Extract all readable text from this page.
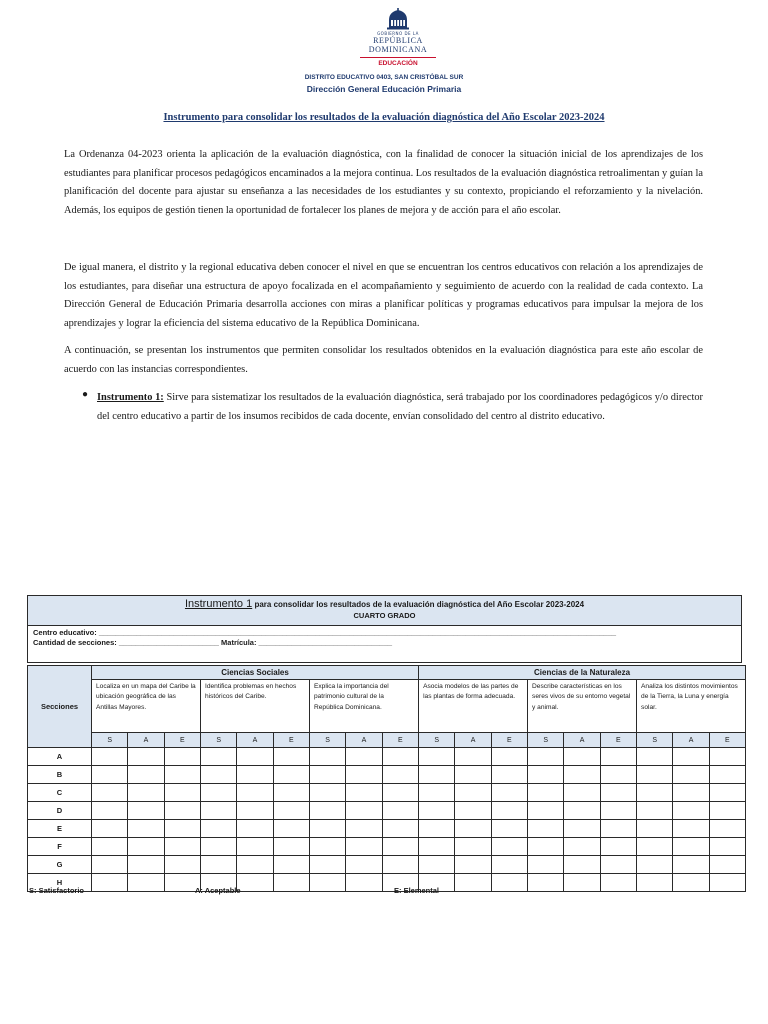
GOBIERNO DE LA
REPÚBLICA DOMINICANA
EDUCACIÓN
DISTRITO EDUCATIVO 0403, SAN CRISTÓBAL SUR
Dirección General Educación Primaria
Instrumento para consolidar los resultados de la evaluación diagnóstica del Año Escolar 2023-2024

La Ordenanza 04-2023 orienta la aplicación de la evaluación diagnóstica, con la finalidad de conocer la situación inicial de los aprendizajes de los estudiantes para planificar procesos pedagógicos encaminados a la mejora continua. Los resultados de la evaluación diagnóstica retroalimentan y guían la planificación del docente para ajustar su enseñanza a las necesidades de los estudiantes y su contexto, propiciando el reforzamiento y la nivelación. Además, los equipos de gestión tienen la oportunidad de fortalecer los planes de mejora y de acción para el año escolar.

De igual manera, el distrito y la regional educativa deben conocer el nivel en que se encuentran los centros educativos con relación a los aprendizajes de los estudiantes, para diseñar una estructura de apoyo focalizada en el acompañamiento y seguimiento de acuerdo con la realidad de cada contexto. La Dirección General de Educación Primaria desarrolla acciones con miras a planificar políticas y programas educativos para impulsar la mejora de los aprendizajes y lograr la eficiencia del sistema educativo de la República Dominicana.

A continuación, se presentan los instrumentos que permiten consolidar los resultados obtenidos en la evaluación diagnóstica para este año escolar de acuerdo con las instancias correspondientes.

● Instrumento 1: Sirve para sistematizar los resultados de la evaluación diagnóstica, será trabajado por los coordinadores pedagógicos y/o director del centro educativo a partir de los insumos recibidos de cada docente, envían consolidado del centro al distrito educativo.

Instrumento 1 para consolidar los resultados de la evaluación diagnóstica del Año Escolar 2023-2024
CUARTO GRADO
Centro educativo: ____________________________________________________________________________________________________________________________
Cantidad de secciones: ________________________ Matrícula: ________________________________
Secciones	Ciencias Sociales									Ciencias de la Naturaleza								
	Localiza en un mapa del Caribe la ubicación geográfica de las Antillas Mayores.			Identifica problemas en hechos históricos del Caribe.			Explica la importancia del patrimonio cultural de la República Dominicana.			Asocia modelos de las partes de las plantas de forma adecuada.			Describe características en los seres vivos de su entorno vegetal y animal.			Analiza los distintos movimientos de la Tierra, la Luna y energía solar.		
	S	A	E	S	A	E	S	A	E	S	A	E	S	A	E	S	A	E
A																		
B																		
C																		
D																		
E																		
F																		
G																		
H																		
S: Satisfactorio	A: Aceptable	E: Elemental
